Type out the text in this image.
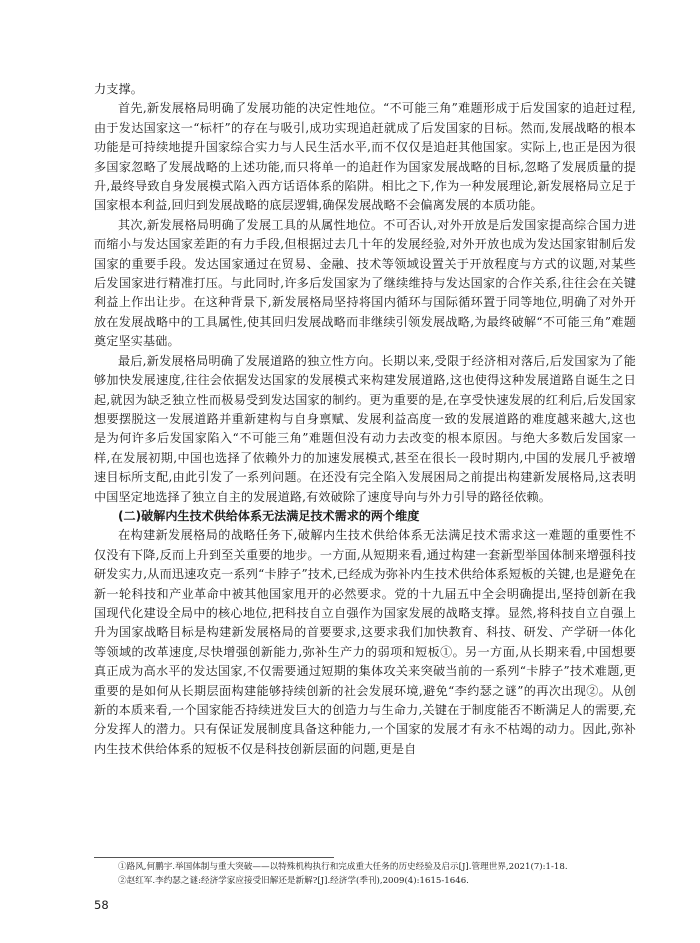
力支撑。

首先,新发展格局明确了发展功能的决定性地位。“不可能三角”难题形成于后发国家的追赶过程,由于发达国家这一“标杆”的存在与吸引,成功实现追赶就成了后发国家的目标。然而,发展战略的根本功能是可持续地提升国家综合实力与人民生活水平,而不仅仅是追赶其他国家。实际上,也正是因为很多国家忽略了发展战略的上述功能,而只将单一的追赶作为国家发展战略的目标,忽略了发展质量的提升,最终导致自身发展模式陷入西方话语体系的陷阱。相比之下,作为一种发展理论,新发展格局立足于国家根本利益,回归到发展战略的底层逻辑,确保发展战略不会偏离发展的本质功能。

其次,新发展格局明确了发展工具的从属性地位。不可否认,对外开放是后发国家提高综合国力进而缩小与发达国家差距的有力手段,但根据过去几十年的发展经验,对外开放也成为发达国家钳制后发国家的重要手段。发达国家通过在贸易、金融、技术等领域设置关于开放程度与方式的议题,对某些后发国家进行精准打压。与此同时,许多后发国家为了继续维持与发达国家的合作关系,往往会在关键利益上作出让步。在这种背景下,新发展格局坚持将国内循环与国际循环置于同等地位,明确了对外开放在发展战略中的工具属性,使其回归发展战略而非继续引领发展战略,为最终破解“不可能三角”难题奠定坚实基础。

最后,新发展格局明确了发展道路的独立性方向。长期以来,受限于经济相对落后,后发国家为了能够加快发展速度,往往会依据发达国家的发展模式来构建发展道路,这也使得这种发展道路自诞生之日起,就因为缺乏独立性而极易受到发达国家的制约。更为重要的是,在享受快速发展的红利后,后发国家想要摆脱这一发展道路并重新建构与自身禀赋、发展利益高度一致的发展道路的难度越来越大,这也是为何许多后发国家陷入“不可能三角”难题但没有动力去改变的根本原因。与绝大多数后发国家一样,在发展初期,中国也选择了依赖外力的加速发展模式,甚至在很长一段时期内,中国的发展几乎被增速目标所支配,由此引发了一系列问题。在还没有完全陷入发展困局之前提出构建新发展格局,这表明中国坚定地选择了独立自主的发展道路,有效破除了速度导向与外力引导的路径依赖。

(二)破解内生技术供给体系无法满足技术需求的两个维度

在构建新发展格局的战略任务下,破解内生技术供给体系无法满足技术需求这一难题的重要性不仅没有下降,反而上升到至关重要的地步。一方面,从短期来看,通过构建一套新型举国体制来增强科技研发实力,从而迅速攻克一系列“卡脖子”技术,已经成为弥补内生技术供给体系短板的关键,也是避免在新一轮科技和产业革命中被其他国家甩开的必然要求。党的十九届五中全会明确提出,坚持创新在我国现代化建设全局中的核心地位,把科技自立自强作为国家发展的战略支撑。显然,将科技自立自强上升为国家战略目标是构建新发展格局的首要要求,这要求我们加快教育、科技、研发、产学研一体化等领域的改革速度,尽快增强创新能力,弥补生产力的弱项和短板①。另一方面,从长期来看,中国想要真正成为高水平的发达国家,不仅需要通过短期的集体攻关来突破当前的一系列“卡脖子”技术难题,更重要的是如何从长期层面构建能够持续创新的社会发展环境,避免“李约瑟之谜”的再次出现②。从创新的本质来看,一个国家能否持续迸发巨大的创造力与生命力,关键在于制度能否不断满足人的需要,充分发挥人的潜力。只有保证发展制度具备这种能力,一个国家的发展才有永不枯竭的动力。因此,弥补内生技术供给体系的短板不仅是科技创新层面的问题,更是自

①路风,何鹏宇.举国体制与重大突破——以特殊机构执行和完成重大任务的历史经验及启示[J].管理世界,2021(7):1-18.

②赵红军.李约瑟之谜:经济学家应接受旧解还是新解?[J].经济学(季刊),2009(4):1615-1646.

58
